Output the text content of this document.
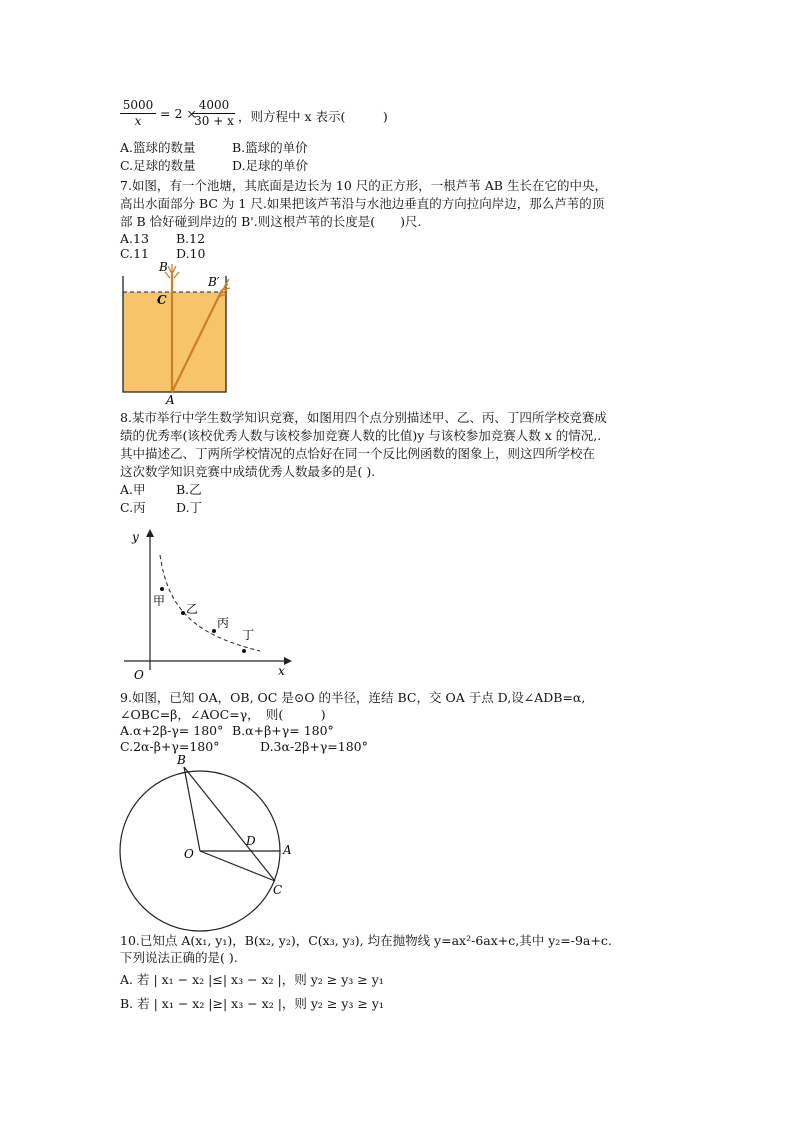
$\frac{5000}{x} = 2$ ×
$\frac{4000}{30 + x}$ ，则方程中 x 表示(　　　)
A.篮球的数量	B.篮球的单价
C.足球的数量	D.足球的单价
7.如图，有一个池塘，其底面是边长为 10 尺的正方形，一根芦苇 AB 生长在它的中央，
高出水面部分 BC 为 1 尺.如果把该芦苇沿与水池边垂直的方向拉向岸边，那么芦苇的顶
部 B 恰好碰到岸边的 B'.则这根芦苇的长度是(　　)尺.
A.13 B.12
C.11 D.10
B
B′
C
A
8.某市举行中学生数学知识竞赛，如图用四个点分别描述甲、乙、丙、丁四所学校竞赛成
绩的优秀率(该校优秀人数与该校参加竞赛人数的比值)y 与该校参加竞赛人数 x 的情况,.
其中描述乙、丁两所学校情况的点恰好在同一个反比例函数的图象上，则这四所学校在
这次数学知识竞赛中成绩优秀人数最多的是( ).
A.甲 B.乙
C.丙 D.丁
y
x
O
甲
乙
丙
丁
9.如图，已知 OA，OB, OC 是⊙O 的半径，连结 BC，交 OA 于点 D,设∠ADB=α,
∠OBC=β，∠AOC=γ，　则(　　　)
A.α+2β-γ= 180° B.α+β+γ= 180°
C.2α-β+γ=180°	D.3α-2β+γ=180°
B
O
D
A
C
10.已知点 A(x₁, y₁)，B(x₂, y₂)，C(x₃, y₃), 均在抛物线 y=ax²-6ax+c,其中 y₂=-9a+c.
下列说法正确的是( ).
A. 若 | x₁ − x₂ |≤| x₃ − x₂ |，则 y₂ ≥ y₃ ≥ y₁
B. 若 | x₁ − x₂ |≥| x₃ − x₂ |，则 y₂ ≥ y₃ ≥ y₁
